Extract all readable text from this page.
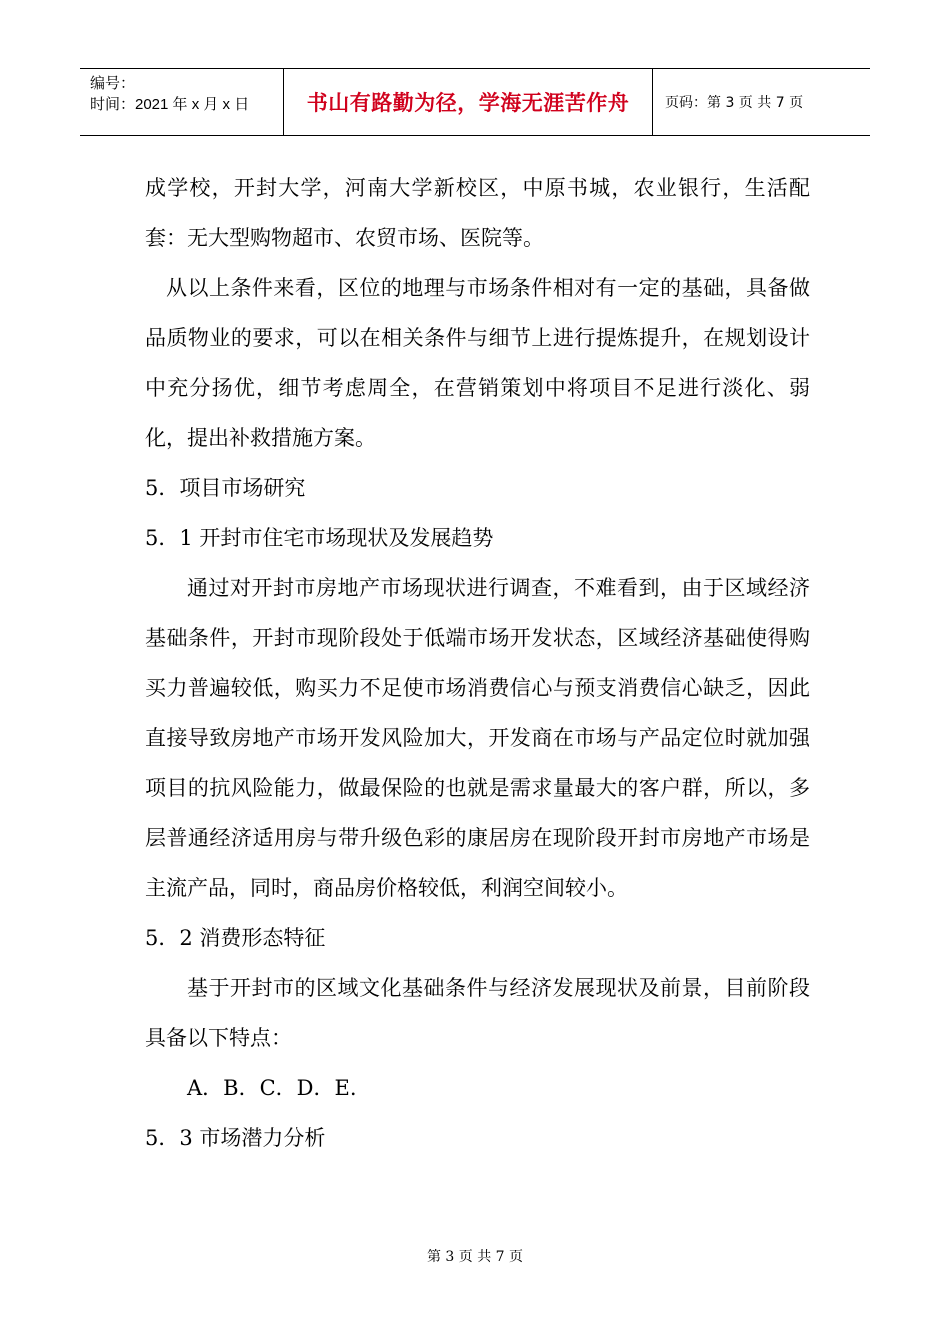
编号：
时间：2021 年 x 月 x 日	书山有路勤为径，学海无涯苦作舟	页码：第 3 页 共 7 页

成学校，开封大学，河南大学新校区，中原书城，农业银行，生活配套：无大型购物超市、农贸市场、医院等。

从以上条件来看，区位的地理与市场条件相对有一定的基础，具备做品质物业的要求，可以在相关条件与细节上进行提炼提升，在规划设计中充分扬优，细节考虑周全，在营销策划中将项目不足进行淡化、弱化，提出补救措施方案。

5．项目市场研究

5．1 开封市住宅市场现状及发展趋势

通过对开封市房地产市场现状进行调查，不难看到，由于区域经济基础条件，开封市现阶段处于低端市场开发状态，区域经济基础使得购买力普遍较低，购买力不足使市场消费信心与预支消费信心缺乏，因此直接导致房地产市场开发风险加大，开发商在市场与产品定位时就加强项目的抗风险能力，做最保险的也就是需求量最大的客户群，所以，多层普通经济适用房与带升级色彩的康居房在现阶段开封市房地产市场是主流产品，同时，商品房价格较低，利润空间较小。

5．2 消费形态特征

基于开封市的区域文化基础条件与经济发展现状及前景，目前阶段具备以下特点：

A．B．C．D．E.

5．3 市场潜力分析

第 3 页 共 7 页
